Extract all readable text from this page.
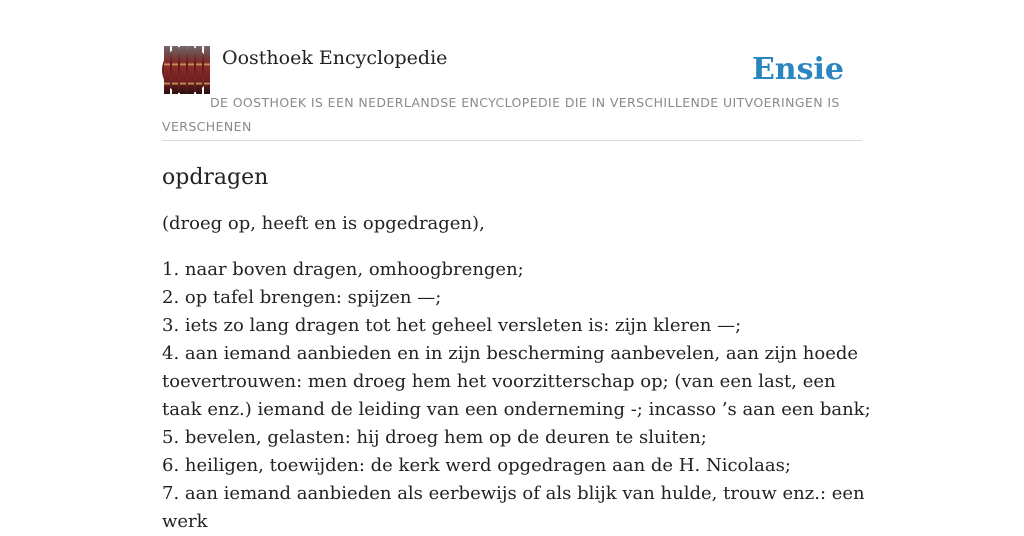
Oosthoek Encyclopedie	Ensie
DE OOSTHOEK IS EEN NEDERLANDSE ENCYCLOPEDIE DIE IN VERSCHILLENDE UITVOERINGEN IS VERSCHENEN
opdragen

(droeg op, heeft en is opgedragen),

1. naar boven dragen, omhoogbrengen;
2. op tafel brengen: spijzen —;
3. iets zo lang dragen tot het geheel versleten is: zijn kleren —;
4. aan iemand aanbieden en in zijn bescherming aanbevelen, aan zijn hoede toevertrouwen: men droeg hem het voorzitterschap op; (van een last, een taak enz.) iemand de leiding van een onderneming -; incasso ’s aan een bank;
5. bevelen, gelasten: hij droeg hem op de deuren te sluiten;
6. heiligen, toewijden: de kerk werd opgedragen aan de H. Nicolaas;
7. aan iemand aanbieden als eerbewijs of als blijk van hulde, trouw enz.: een werk
